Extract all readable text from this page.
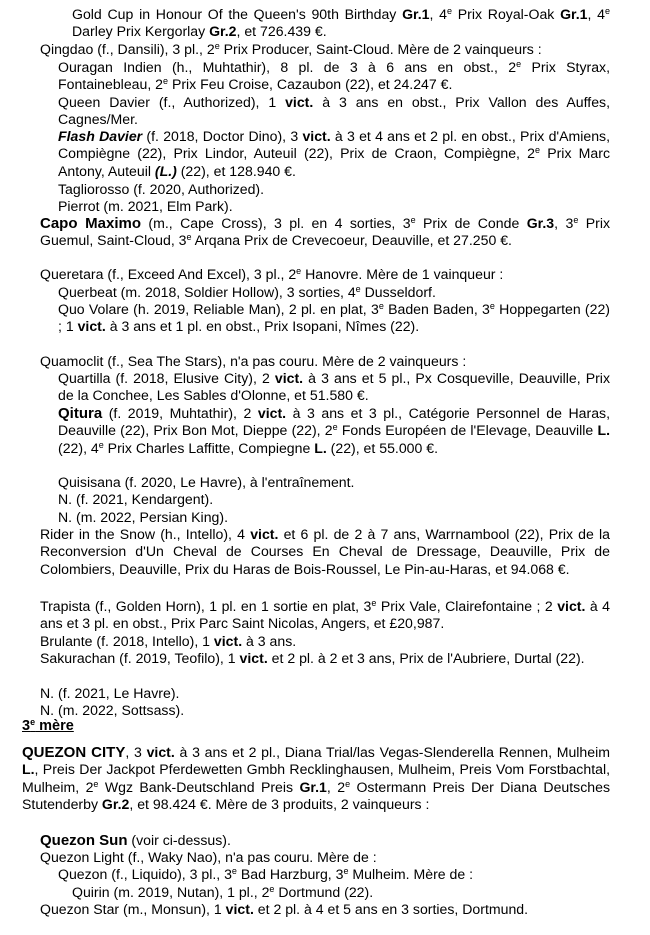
3e mère
Gold Cup in Honour Of the Queen's 90th Birthday Gr.1, 4e Prix Royal-Oak Gr.1, 4e Darley Prix Kergorlay Gr.2, et 726.439 €.
Qingdao (f., Dansili), 3 pl., 2e Prix Producer, Saint-Cloud. Mère de 2 vainqueurs :
Ouragan Indien (h., Muhtathir), 8 pl. de 3 à 6 ans en obst., 2e Prix Styrax, Fontainebleau, 2e Prix Feu Croise, Cazaubon (22), et 24.247 €.
Queen Davier (f., Authorized), 1 vict. à 3 ans en obst., Prix Vallon des Auffes, Cagnes/Mer.
Flash Davier (f. 2018, Doctor Dino), 3 vict. à 3 et 4 ans et 2 pl. en obst., Prix d'Amiens, Compiègne (22), Prix Lindor, Auteuil (22), Prix de Craon, Compiègne, 2e Prix Marc Antony, Auteuil (L.) (22), et 128.940 €.
Tagliorosso (f. 2020, Authorized).
Pierrot (m. 2021, Elm Park).
Capo Maximo (m., Cape Cross), 3 pl. en 4 sorties, 3e Prix de Conde Gr.3, 3e Prix Guemul, Saint-Cloud, 3e Arqana Prix de Crevecoeur, Deauville, et 27.250 €.
Queretara (f., Exceed And Excel), 3 pl., 2e Hanovre. Mère de 1 vainqueur :
Querbeat (m. 2018, Soldier Hollow), 3 sorties, 4e Dusseldorf.
Quo Volare (h. 2019, Reliable Man), 2 pl. en plat, 3e Baden Baden, 3e Hoppegarten (22) ; 1 vict. à 3 ans et 1 pl. en obst., Prix Isopani, Nîmes (22).
Quamoclit (f., Sea The Stars), n'a pas couru. Mère de 2 vainqueurs :
Quartilla (f. 2018, Elusive City), 2 vict. à 3 ans et 5 pl., Px Cosqueville, Deauville, Prix de la Conchee, Les Sables d'Olonne, et 51.580 €.
Qitura (f. 2019, Muhtathir), 2 vict. à 3 ans et 3 pl., Catégorie Personnel de Haras, Deauville (22), Prix Bon Mot, Dieppe (22), 2e Fonds Européen de l'Elevage, Deauville L. (22), 4e Prix Charles Laffitte, Compiegne L. (22), et 55.000 €.
Quisisana (f. 2020, Le Havre), à l'entraînement.
N. (f. 2021, Kendargent).
N. (m. 2022, Persian King).
Rider in the Snow (h., Intello), 4 vict. et 6 pl. de 2 à 7 ans, Warrnambool (22), Prix de la Reconversion d'Un Cheval de Courses En Cheval de Dressage, Deauville, Prix de Colombiers, Deauville, Prix du Haras de Bois-Roussel, Le Pin-au-Haras, et 94.068 €.
Trapista (f., Golden Horn), 1 pl. en 1 sortie en plat, 3e Prix Vale, Clairefontaine ; 2 vict. à 4 ans et 3 pl. en obst., Prix Parc Saint Nicolas, Angers, et £20,987.
Brulante (f. 2018, Intello), 1 vict. à 3 ans.
Sakurachan (f. 2019, Teofilo), 1 vict. et 2 pl. à 2 et 3 ans, Prix de l'Aubriere, Durtal (22).
N. (f. 2021, Le Havre).
N. (m. 2022, Sottsass).
QUEZON CITY, 3 vict. à 3 ans et 2 pl., Diana Trial/las Vegas-Slenderella Rennen, Mulheim L., Preis Der Jackpot Pferdewetten Gmbh Recklinghausen, Mulheim, Preis Vom Forstbachtal, Mulheim, 2e Wgz Bank-Deutschland Preis Gr.1, 2e Ostermann Preis Der Diana Deutsches Stutenderby Gr.2, et 98.424 €. Mère de 3 produits, 2 vainqueurs :
Quezon Sun (voir ci-dessus).
Quezon Light (f., Waky Nao), n'a pas couru. Mère de :
Quezon (f., Liquido), 3 pl., 3e Bad Harzburg, 3e Mulheim. Mère de :
Quirin (m. 2019, Nutan), 1 pl., 2e Dortmund (22).
Quezon Star (m., Monsun), 1 vict. et 2 pl. à 4 et 5 ans en 3 sorties, Dortmund.
